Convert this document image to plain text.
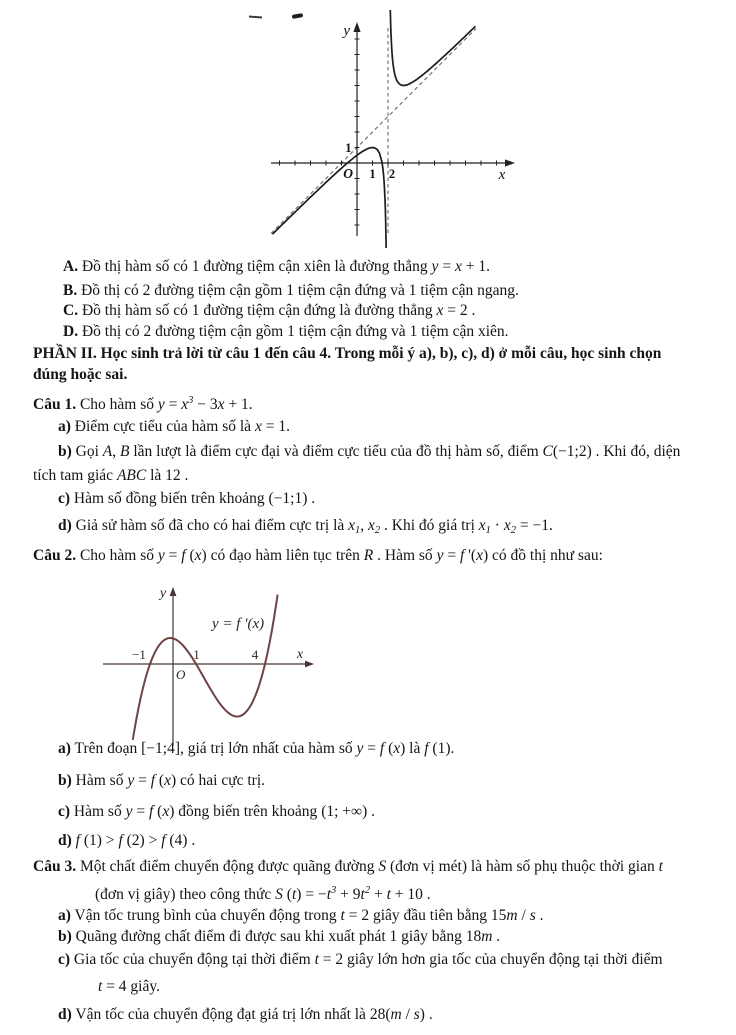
y
x
O 1 2
1
y = f ′(x)
y
x
O
−1	1	4
A. Đồ thị hàm số có 1 đường tiệm cận xiên là đường thẳng y = x + 1.
B. Đồ thị có 2 đường tiệm cận gồm 1 tiệm cận đứng và 1 tiệm cận ngang.
C. Đồ thị hàm số có 1 đường tiệm cận đứng là đường thẳng x = 2 .
D. Đồ thị có 2 đường tiệm cận gồm 1 tiệm cận đứng và 1 tiệm cận xiên.
PHẦN II. Học sinh trả lời từ câu 1 đến câu 4. Trong mỗi ý a), b), c), d) ở mỗi câu, học sinh chọn
đúng hoặc sai.
Câu 1. Cho hàm số $y = x^3 - 3x + 1$.
a) Điểm cực tiểu của hàm số là x = 1.
b) Gọi A, B lần lượt là điểm cực đại và điểm cực tiểu của đồ thị hàm số, điểm C(−1;2) . Khi đó, diện
tích tam giác ABC là 12 .
c) Hàm số đồng biến trên khoảng (−1;1) .
d) Giả sử hàm số đã cho có hai điểm cực trị là x1, x2 . Khi đó giá trị x1 · x2 = −1.
Câu 2. Cho hàm số y = f (x) có đạo hàm liên tục trên R . Hàm số y = f '(x) có đồ thị như sau:
a) Trên đoạn [−1;4], giá trị lớn nhất của hàm số y = f (x) là f (1).
b) Hàm số y = f (x) có hai cực trị.
c) Hàm số y = f (x) đồng biến trên khoảng (1; +∞) .
d) f (1) > f (2) > f (4) .
Câu 3. Một chất điểm chuyển động được quãng đường S (đơn vị mét) là hàm số phụ thuộc thời gian t
(đơn vị giây) theo công thức S $(t) = -t^3 + 9t^2 + t + 10$ .
a) Vận tốc trung bình của chuyển động trong t = 2 giây đầu tiên bằng 15m / s .
b) Quãng đường chất điểm đi được sau khi xuất phát 1 giây bằng 18m .
c) Gia tốc của chuyển động tại thời điểm t = 2 giây lớn hơn gia tốc của chuyển động tại thời điểm
t = 4 giây.
d) Vận tốc của chuyển động đạt giá trị lớn nhất là 28(m / s) .
